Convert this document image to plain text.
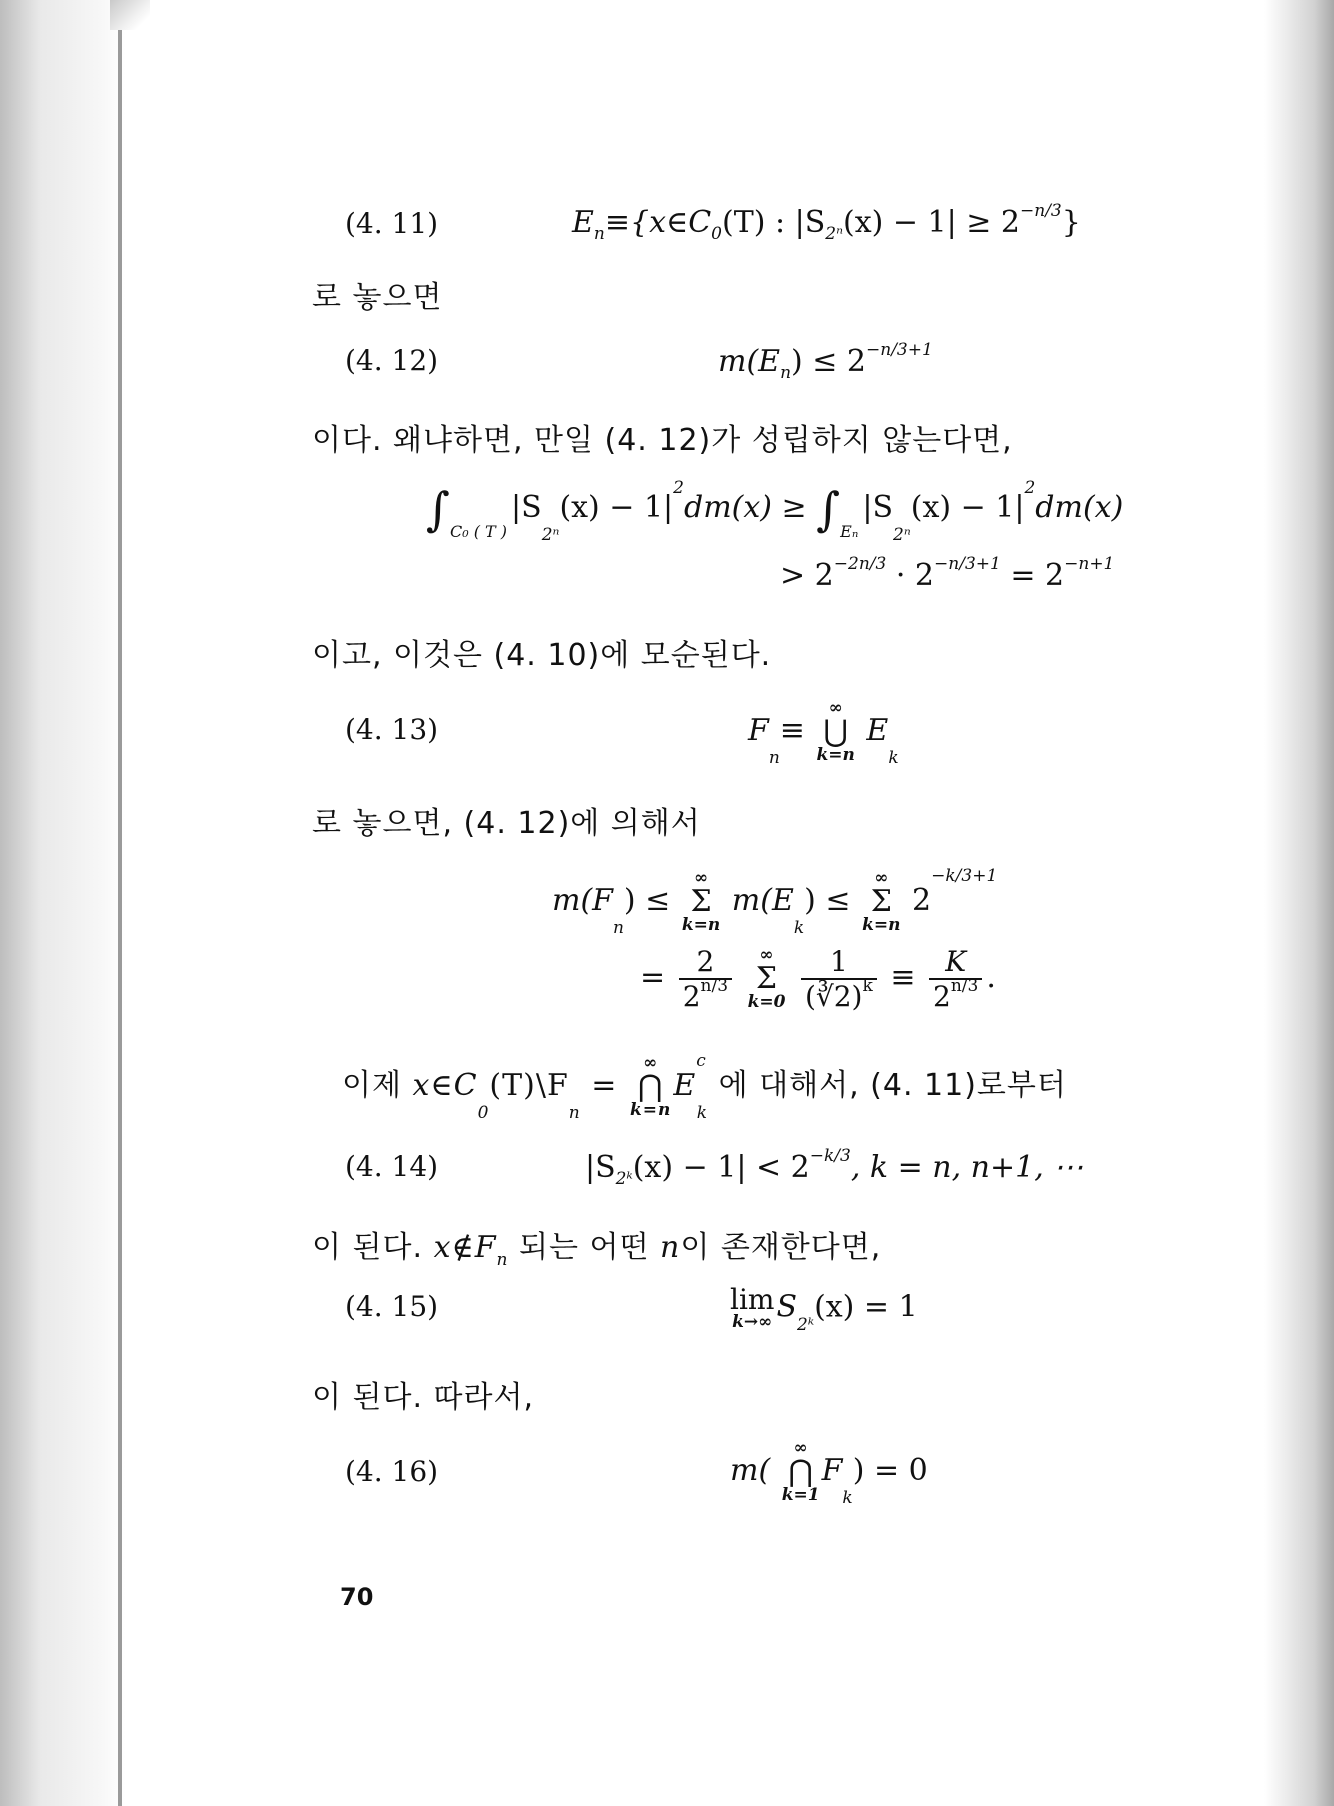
(4. 11)	$E_n\equiv\{x\in C_0(T)$ : $|S_{2^n}(x) - 1| \ge 2^{-n/3}$}
로 놓으면
(4. 12)	$m(E_n) \le 2^{-n/3+1}$
이다. 왜냐하면, 만일 (4. 12)가 성립하지 않는다면,
∫C₀ ( T )$|S_{2^n}(x) - 1|^2dm(x) \ge \int E_n|S_{2^n}(x) - 1|^2dm(x)$
> $2^{-2n/3} \cdot 2^{-n/3+1} = 2^{-n+1}$
이고, 이것은 (4. 10)에 모순된다.
(4. 13)	$F_n\equiv$
∞
⋃
k=n
$E_k$
로 놓으면, (4. 12)에 의해서
$m(F_n)$ ≤
∞
Σ
k=n
$m(E_k)$ ≤
∞
Σ
k=n
$2^{-k/3+1}$
= $\frac{2}{2^{n/3}}$
	∞
Σ
k=0
$\frac{1}{(∛2)^k} \equiv \frac{K}{2^{n/3}}$ .
이제 $x\in C_0(T)\backslash F_n$ =
∞
⋂
k=n
$E^c_k$ 에 대해서, (4. 11)로부터
(4. 14)	$|S_{2ᵏ}(x) - 1| < 2^{-k/3}$, k = n, n+1, ⋯
이 된다. $x\notin F_n$ 되는 어떤 n이 존재한다면,
(4. 15)	lim
k→∞ $S_{2ᵏ}(x) = 1$
이 된다. 따라서,
(4. 16)	m(
∞
⋂
k=1
$F_k) = 0$
70
